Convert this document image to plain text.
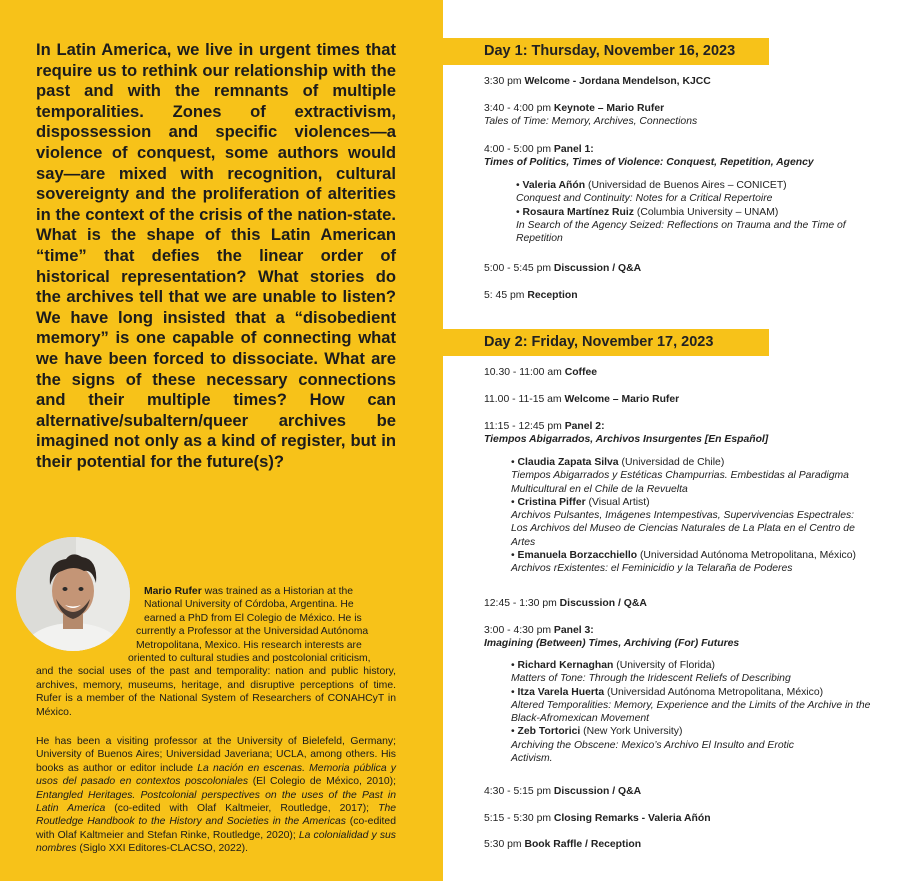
In Latin America, we live in urgent times that require us to rethink our relationship with the past and with the remnants of multiple temporalities. Zones of extractivism, dispossession and specific violences—a violence of conquest, some authors would say—are mixed with recognition, cultural sovereignty and the proliferation of alterities in the context of the crisis of the nation-state. What is the shape of this Latin American “time” that defies the linear order of historical representation? What stories do the archives tell that we are unable to listen? We have long insisted that a “disobedient memory” is one capable of connecting what we have been forced to dissociate. What are the signs of these necessary connections and their multiple times? How can alternative/subaltern/queer archives be imagined not only as a kind of register, but in their potential for the future(s)?

Mario Rufer was trained as a Historian at the
National University of Córdoba, Argentina. He
earned a PhD from El Colegio de México. He is
currently a Professor at the Universidad Autónoma
Metropolitana, Mexico. His research interests are
oriented to cultural studies and postcolonial criticism,
and the social uses of the past and temporality: nation and public history, archives, memory, museums, heritage, and disruptive perceptions of time. Rufer is a member of the National System of Researchers of CONAHCyT in México.

He has been a visiting professor at the University of Bielefeld, Germany; University of Buenos Aires; Universidad Javeriana; UCLA, among others. His books as author or editor include La nación en escenas. Memoria pública y usos del pasado en contextos poscoloniales (El Colegio de México, 2010); Entangled Heritages. Postcolonial perspectives on the uses of the Past in Latin America (co-edited with Olaf Kaltmeier, Routledge, 2017); The Routledge Handbook to the History and Societies in the Americas (co-edited with Olaf Kaltmeier and Stefan Rinke, Routledge, 2020); La colonialidad y sus nombres (Siglo XXI Editores-CLACSO, 2022).

Day 1: Thursday, November 16, 2023
3:30 pm Welcome - Jordana Mendelson, KJCC
3:40 - 4:00 pm Keynote – Mario Rufer
Tales of Time: Memory, Archives, Connections
4:00 - 5:00 pm Panel 1:
Times of Politics, Times of Violence: Conquest, Repetition, Agency
• Valeria Añón (Universidad de Buenos Aires – CONICET)
Conquest and Continuity: Notes for a Critical Repertoire
• Rosaura Martínez Ruiz (Columbia University – UNAM)
In Search of the Agency Seized: Reflections on Trauma and the Time of Repetition
5:00 - 5:45 pm Discussion / Q&A
5: 45 pm Reception
Day 2: Friday, November 17, 2023
10.30 - 11:00 am Coffee
11.00 - 11-15 am Welcome – Mario Rufer
11:15 - 12:45 pm Panel 2:
Tiempos Abigarrados, Archivos Insurgentes [En Español]
• Claudia Zapata Silva (Universidad de Chile)
Tiempos Abigarrados y Estéticas Champurrias. Embestidas al Paradigma Multicultural en el Chile de la Revuelta
• Cristina Piffer (Visual Artist)
Archivos Pulsantes, Imágenes Intempestivas, Supervivencias Espectrales: Los Archivos del Museo de Ciencias Naturales de La Plata en el Centro de Artes
• Emanuela Borzacchiello (Universidad Autónoma Metropolitana, México) Archivos rExistentes: el Feminicidio y la Telaraña de Poderes
12:45 - 1:30 pm Discussion / Q&A
3:00 - 4:30 pm Panel 3:
Imagining (Between) Times, Archiving (For) Futures
• Richard Kernaghan (University of Florida)
Matters of Tone: Through the Iridescent Reliefs of Describing
• Itza Varela Huerta (Universidad Autónoma Metropolitana, México)
Altered Temporalities: Memory, Experience and the Limits of the Archive in the Black-Afromexican Movement
• Zeb Tortorici (New York University)
Archiving the Obscene: Mexico’s Archivo El Insulto and Erotic Activism.
4:30 - 5:15 pm Discussion / Q&A
5:15 - 5:30 pm Closing Remarks - Valeria Añón
5:30 pm Book Raffle / Reception
